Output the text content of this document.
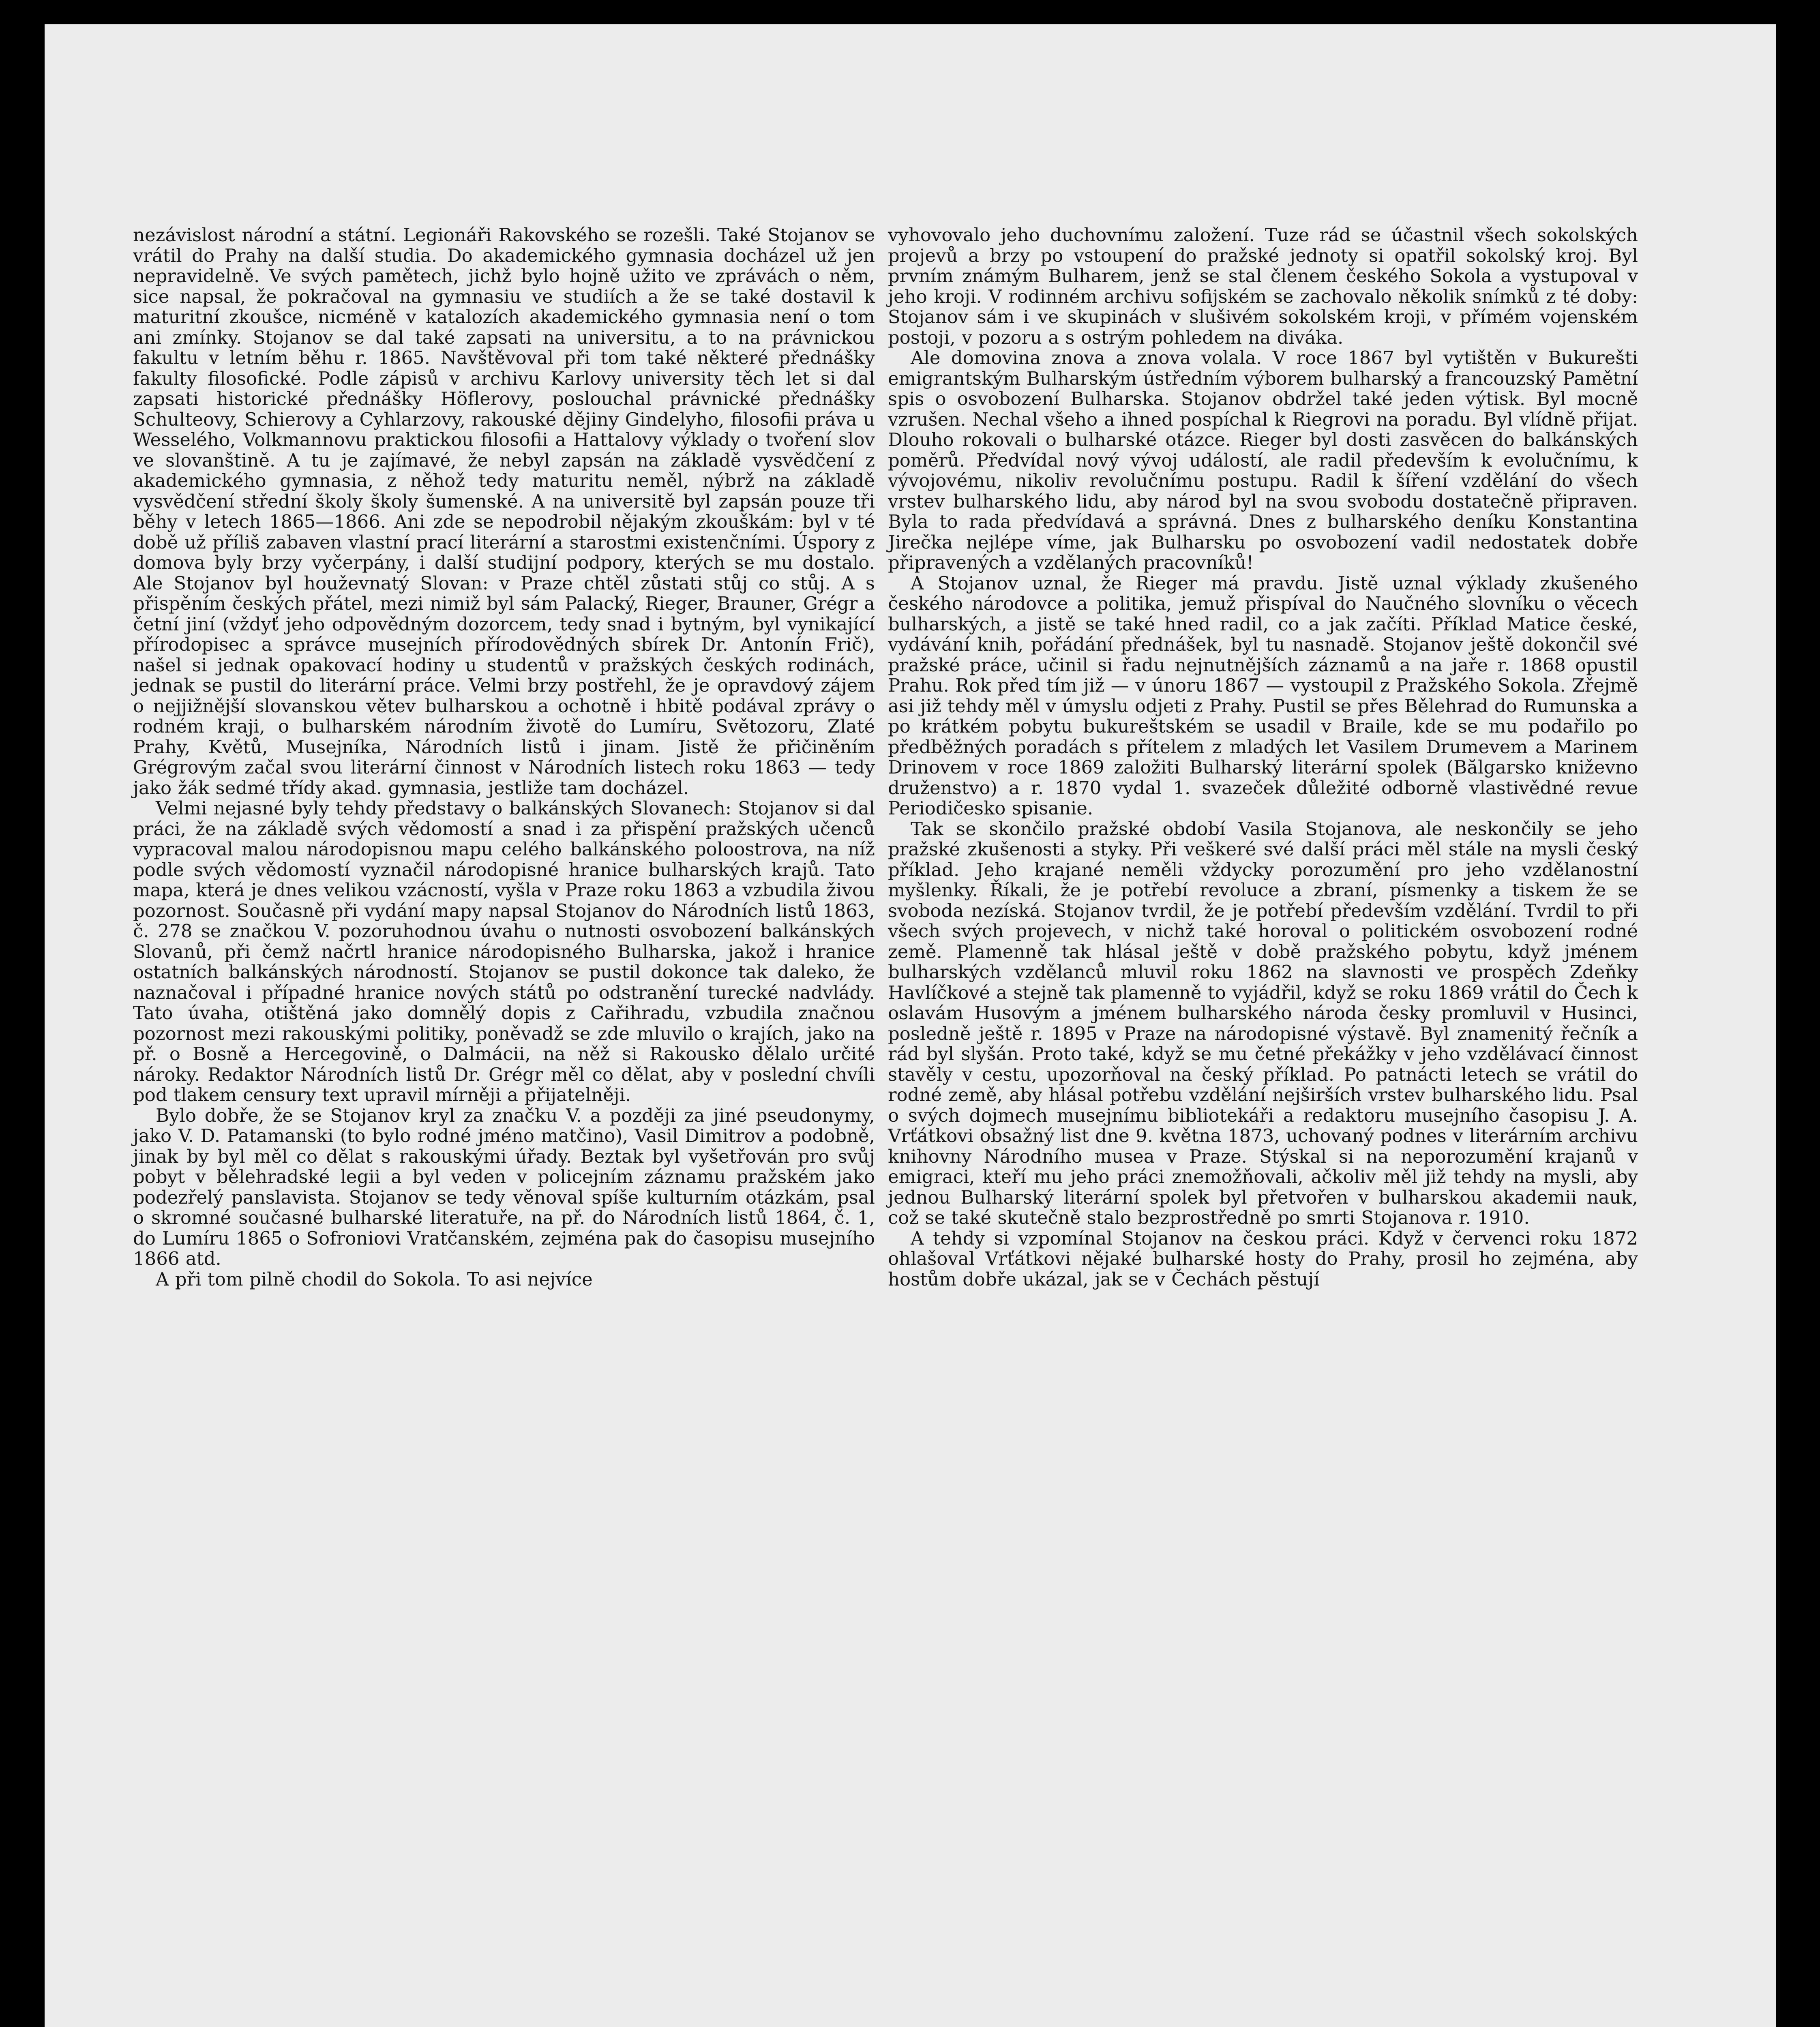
nezávislost národní a státní. Legionáři Rakovského se rozešli. Také Stojanov se vrátil do Prahy na další studia. Do akademického gymnasia docházel už jen nepravidelně. Ve svých pamětech, jichž bylo hojně užito ve zprávách o něm, sice napsal, že pokračoval na gymnasiu ve studiích a že se také dostavil k maturitní zkoušce, nicméně v katalozích akademického gymnasia není o tom ani zmínky. Stojanov se dal také zapsati na universitu, a to na právnickou fakultu v letním běhu r. 1865. Navštěvoval při tom také některé přednášky fakulty filosofické. Podle zápisů v archivu Karlovy university těch let si dal zapsati historické přednášky Höflerovy, poslouchal právnické přednášky Schulteovy, Schierovy a Cyhlarzovy, rakouské dějiny Gindelyho, filosofii práva u Wesselého, Volkmannovu praktickou filosofii a Hattalovy výklady o tvoření slov ve slovanštině. A tu je zajímavé, že nebyl zapsán na základě vysvědčení z akademického gymnasia, z něhož tedy maturitu neměl, nýbrž na základě vysvědčení střední školy školy šumenské. A na universitě byl zapsán pouze tři běhy v letech 1865—1866. Ani zde se nepodrobil nějakým zkouškám: byl v té době už příliš zabaven vlastní prací literární a starostmi existenčními. Úspory z domova byly brzy vyčerpány, i další studijní podpory, kterých se mu dostalo. Ale Stojanov byl houževnatý Slovan: v Praze chtěl zůstati stůj co stůj. A s přispěním českých přátel, mezi nimiž byl sám Palacký, Rieger, Brauner, Grégr a četní jiní (vždyť jeho odpovědným dozorcem, tedy snad i bytným, byl vynikající přírodopisec a správce musejních přírodovědných sbírek Dr. Antonín Frič), našel si jednak opakovací hodiny u studentů v pražských českých rodinách, jednak se pustil do literární práce. Velmi brzy postřehl, že je opravdový zájem o nejjižnější slovanskou větev bulharskou a ochotně i hbitě podával zprávy o rodném kraji, o bulharském národním životě do Lumíru, Světozoru, Zlaté Prahy, Květů, Musejníka, Národních listů i jinam. Jistě že přičiněním Grégrovým začal svou literární činnost v Národních listech roku 1863 — tedy jako žák sedmé třídy akad. gymnasia, jestliže tam docházel.

Velmi nejasné byly tehdy představy o balkánských Slovanech: Stojanov si dal práci, že na základě svých vědomostí a snad i za přispění pražských učenců vypracoval malou národopisnou mapu celého balkánského poloostrova, na níž podle svých vědomostí vyznačil národopisné hranice bulharských krajů. Tato mapa, která je dnes velikou vzácností, vyšla v Praze roku 1863 a vzbudila živou pozornost. Současně při vydání mapy napsal Stojanov do Národních listů 1863, č. 278 se značkou V. pozoruhodnou úvahu o nutnosti osvobození balkánských Slovanů, při čemž načrtl hranice národopisného Bulharska, jakož i hranice ostatních balkánských národností. Stojanov se pustil dokonce tak daleko, že naznačoval i případné hranice nových států po odstranění turecké nadvlády. Tato úvaha, otištěná jako domnělý dopis z Cařihradu, vzbudila značnou pozornost mezi rakouskými politiky, poněvadž se zde mluvilo o krajích, jako na př. o Bosně a Hercegovině, o Dalmácii, na něž si Rakousko dělalo určité nároky. Redaktor Národních listů Dr. Grégr měl co dělat, aby v poslední chvíli pod tlakem censury text upravil mírněji a přijatelněji.

Bylo dobře, že se Stojanov kryl za značku V. a později za jiné pseudonymy, jako V. D. Patamanski (to bylo rodné jméno matčino), Vasil Dimitrov a podobně, jinak by byl měl co dělat s rakouskými úřady. Beztak byl vyšetřován pro svůj pobyt v bělehradské legii a byl veden v policejním záznamu pražském jako podezřelý panslavista. Stojanov se tedy věnoval spíše kulturním otázkám, psal o skromné současné bulharské literatuře, na př. do Národních listů 1864, č. 1, do Lumíru 1865 o Sofroniovi Vratčanském, zejména pak do časopisu musejního 1866 atd.

A při tom pilně chodil do Sokola. To asi nejvíce

vyhovovalo jeho duchovnímu založení. Tuze rád se účastnil všech sokolských projevů a brzy po vstoupení do pražské jednoty si opatřil sokolský kroj. Byl prvním známým Bulharem, jenž se stal členem českého Sokola a vystupoval v jeho kroji. V rodinném archivu sofijském se zachovalo několik snímků z té doby: Stojanov sám i ve skupinách v slušivém sokolském kroji, v přímém vojenském postoji, v pozoru a s ostrým pohledem na diváka.

Ale domovina znova a znova volala. V roce 1867 byl vytištěn v Bukurešti emigrantským Bulharským ústředním výborem bulharský a francouzský Pamětní spis o osvobození Bulharska. Stojanov obdržel také jeden výtisk. Byl mocně vzrušen. Nechal všeho a ihned pospíchal k Riegrovi na poradu. Byl vlídně přijat. Dlouho rokovali o bulharské otázce. Rieger byl dosti zasvěcen do balkánských poměrů. Předvídal nový vývoj událostí, ale radil především k evolučnímu, k vývojovému, nikoliv revolučnímu postupu. Radil k šíření vzdělání do všech vrstev bulharského lidu, aby národ byl na svou svobodu dostatečně připraven. Byla to rada předvídavá a správná. Dnes z bulharského deníku Konstantina Jirečka nejlépe víme, jak Bulharsku po osvobození vadil nedostatek dobře připravených a vzdělaných pracovníků!

A Stojanov uznal, že Rieger má pravdu. Jistě uznal výklady zkušeného českého národovce a politika, jemuž přispíval do Naučného slovníku o věcech bulharských, a jistě se také hned radil, co a jak začíti. Příklad Matice české, vydávání knih, pořádání přednášek, byl tu nasnadě. Stojanov ještě dokončil své pražské práce, učinil si řadu nejnutnějších záznamů a na jaře r. 1868 opustil Prahu. Rok před tím již — v únoru 1867 — vystoupil z Pražského Sokola. Zřejmě asi již tehdy měl v úmyslu odjeti z Prahy. Pustil se přes Bělehrad do Rumunska a po krátkém pobytu bukureštském se usadil v Braile, kde se mu podařilo po předběžných poradách s přítelem z mladých let Vasilem Drumevem a Marinem Drinovem v roce 1869 založiti Bulharský literární spolek (Bălgarsko kniževno druženstvo) a r. 1870 vydal 1. svazeček důležité odborně vlastivědné revue Periodičesko spisanie.

Tak se skončilo pražské období Vasila Stojanova, ale neskončily se jeho pražské zkušenosti a styky. Při veškeré své další práci měl stále na mysli český příklad. Jeho krajané neměli vždycky porozumění pro jeho vzdělanostní myšlenky. Říkali, že je potřebí revoluce a zbraní, písmenky a tiskem že se svoboda nezíská. Stojanov tvrdil, že je potřebí především vzdělání. Tvrdil to při všech svých projevech, v nichž také horoval o politickém osvobození rodné země. Plamenně tak hlásal ještě v době pražského pobytu, když jménem bulharských vzdělanců mluvil roku 1862 na slavnosti ve prospěch Zdeňky Havlíčkové a stejně tak plamenně to vyjádřil, když se roku 1869 vrátil do Čech k oslavám Husovým a jménem bulharského národa česky promluvil v Husinci, posledně ještě r. 1895 v Praze na národopisné výstavě. Byl znamenitý řečník a rád byl slyšán. Proto také, když se mu četné překážky v jeho vzdělávací činnost stavěly v cestu, upozorňoval na český příklad. Po patnácti letech se vrátil do rodné země, aby hlásal potřebu vzdělání nejširších vrstev bulharského lidu. Psal o svých dojmech musejnímu bibliotekáři a redaktoru musejního časopisu J. A. Vrťátkovi obsažný list dne 9. května 1873, uchovaný podnes v literárním archivu knihovny Národního musea v Praze. Stýskal si na neporozumění krajanů v emigraci, kteří mu jeho práci znemožňovali, ačkoliv měl již tehdy na mysli, aby jednou Bulharský literární spolek byl přetvořen v bulharskou akademii nauk, což se také skutečně stalo bezprostředně po smrti Stojanova r. 1910.

A tehdy si vzpomínal Stojanov na českou práci. Když v červenci roku 1872 ohlašoval Vrťátkovi nějaké bulharské hosty do Prahy, prosil ho zejména, aby hostům dobře ukázal, jak se v Čechách pěstují
